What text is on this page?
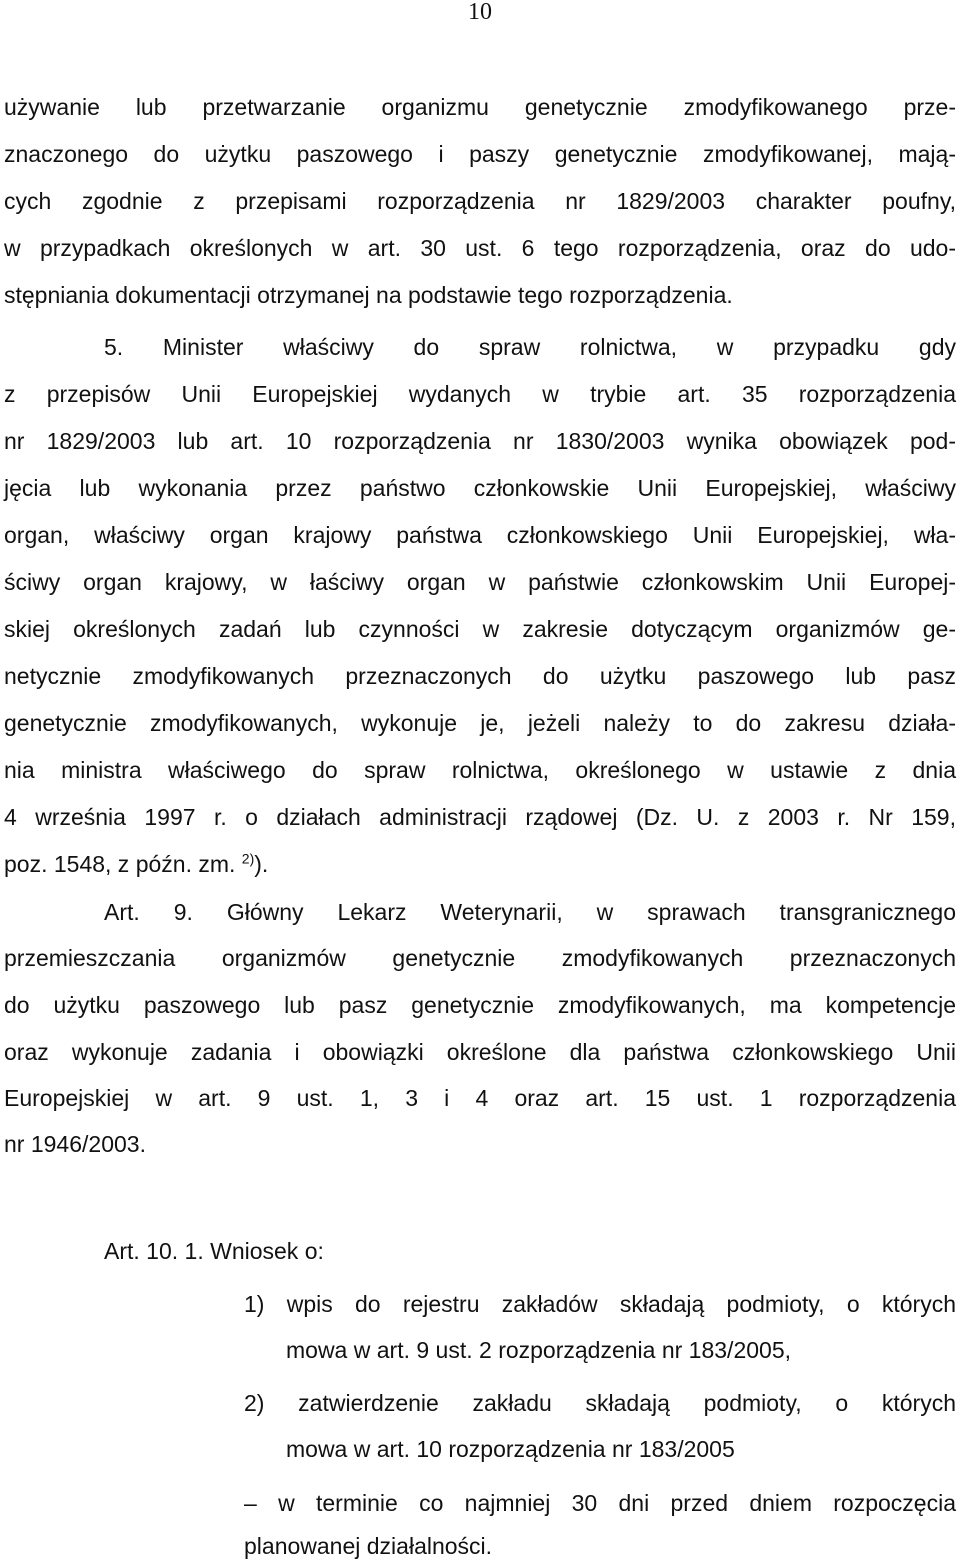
10
używanie lub przetwarzanie organizmu genetycznie zmodyfikowanego prze-
znaczonego do użytku paszowego i paszy genetycznie zmodyfikowanej, mają-
cych zgodnie z przepisami rozporządzenia nr 1829/2003 charakter poufny,
w przypadkach określonych w art. 30 ust. 6 tego rozporządzenia, oraz do udo-
stępniania dokumentacji otrzymanej na podstawie tego rozporządzenia.
5. Minister właściwy do spraw rolnictwa, w przypadku gdy
z przepisów Unii Europejskiej wydanych w trybie art. 35 rozporządzenia
nr 1829/2003 lub art. 10 rozporządzenia nr 1830/2003 wynika obowiązek pod-
jęcia lub wykonania przez państwo członkowskie Unii Europejskiej, właściwy
organ, właściwy organ krajowy państwa członkowskiego Unii Europejskiej, wła-
ściwy organ krajowy, w łaściwy organ w państwie członkowskim Unii Europej-
skiej określonych zadań lub czynności w zakresie dotyczącym organizmów ge-
netycznie zmodyfikowanych przeznaczonych do użytku paszowego lub pasz
genetycznie zmodyfikowanych, wykonuje je, jeżeli należy to do zakresu działa-
nia ministra właściwego do spraw rolnictwa, określonego w ustawie z dnia
4 września 1997 r. o działach administracji rządowej (Dz. U. z 2003 r. Nr 159,
poz. 1548, z późn. zm. $^{2)}$).
Art. 9. Główny Lekarz Weterynarii, w sprawach transgranicznego
przemieszczania organizmów genetycznie zmodyfikowanych przeznaczonych
do użytku paszowego lub pasz genetycznie zmodyfikowanych, ma kompetencje
oraz wykonuje zadania i obowiązki określone dla państwa członkowskiego Unii
Europejskiej w art. 9 ust. 1, 3 i 4 oraz art. 15 ust. 1 rozporządzenia
nr 1946/2003.
Art. 10. 1. Wniosek o:
1) wpis do rejestru zakładów składają podmioty, o których
mowa w art. 9 ust. 2 rozporządzenia nr 183/2005,
2) zatwierdzenie zakładu składają podmioty, o których
mowa w art. 10 rozporządzenia nr 183/2005
– w terminie co najmniej 30 dni przed dniem rozpoczęcia
planowanej działalności.
